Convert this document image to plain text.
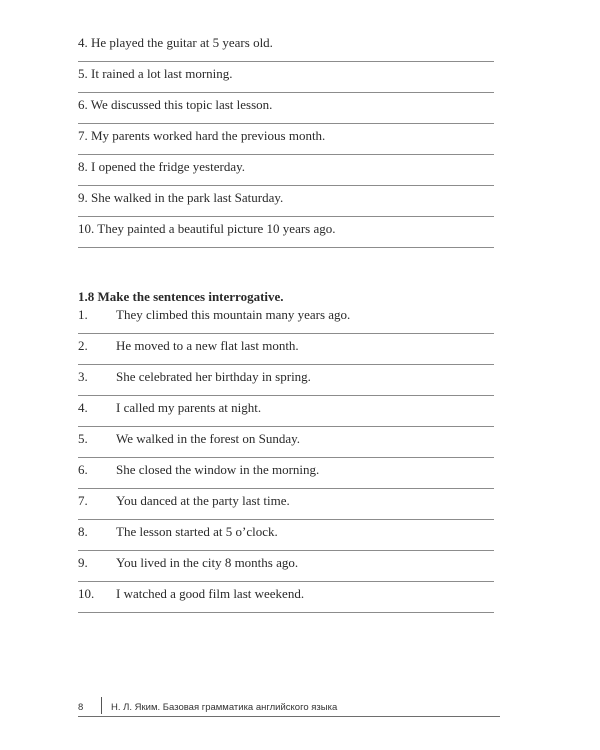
4. He played the guitar at 5 years old.
5. It rained a lot last morning.
6. We discussed this topic last lesson.
7. My parents worked hard the previous month.
8. I opened the fridge yesterday.
9. She walked in the park last Saturday.
10. They painted a beautiful picture 10 years ago.
1.8 Make the sentences interrogative.
1. They climbed this mountain many years ago.
2. He moved to a new flat last month.
3. She celebrated her birthday in spring.
4. I called my parents at night.
5. We walked in the forest on Sunday.
6. She closed the window in the morning.
7. You danced at the party last time.
8. The lesson started at 5 o’clock.
9. You lived in the city 8 months ago.
10. I watched a good film last weekend.
8	Н. Л. Яким. Базовая грамматика английского языка
